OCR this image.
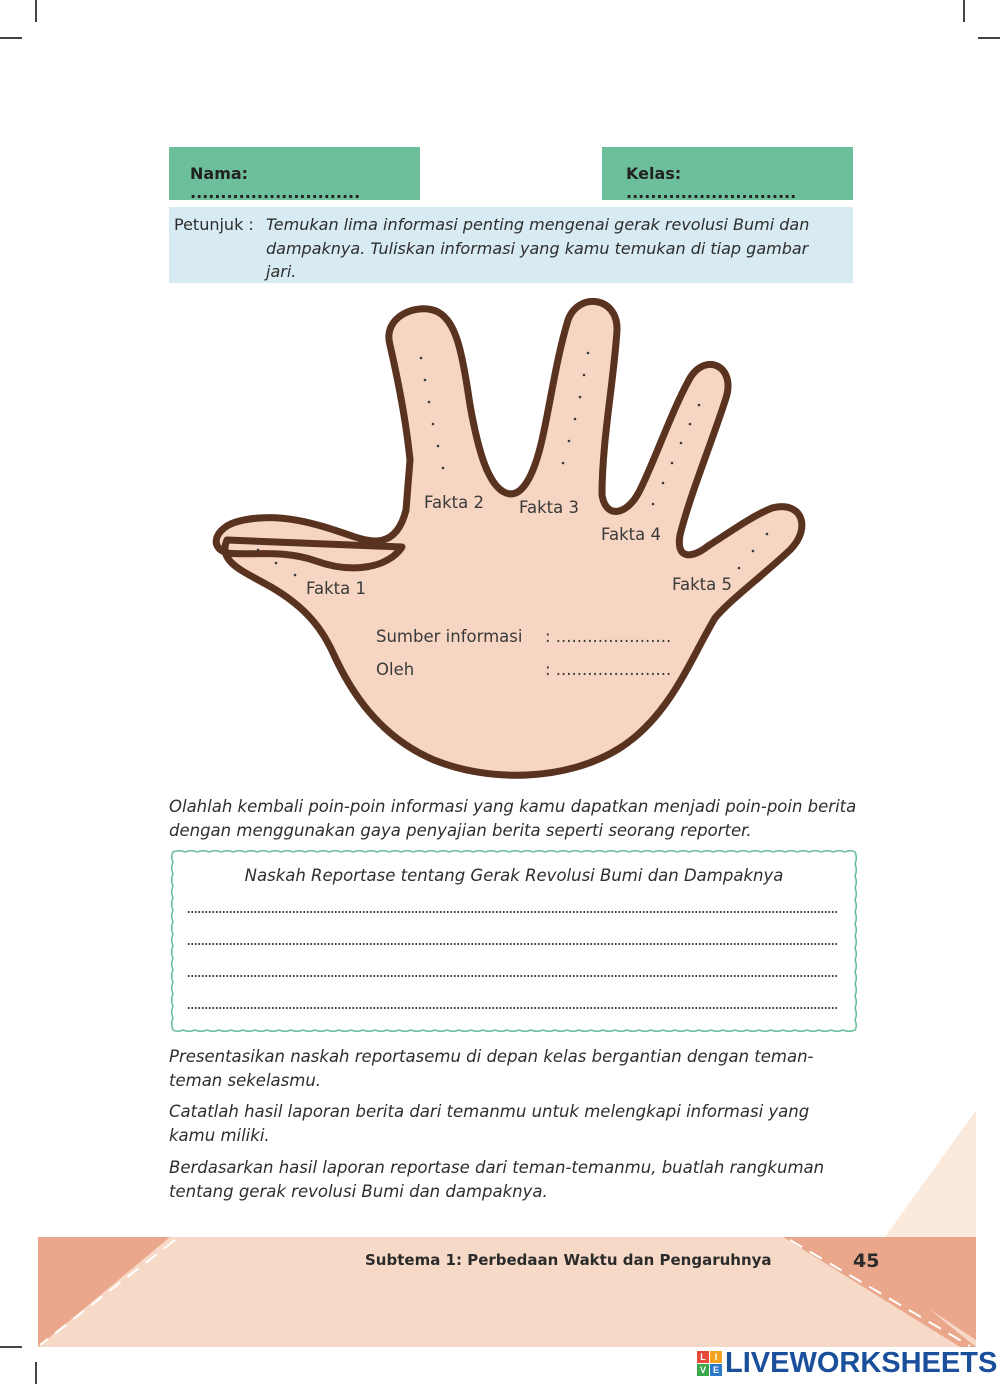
Nama: ............................
Kelas: ............................
Petunjuk : Temukan lima informasi penting mengenai gerak revolusi Bumi dan dampaknya. Tuliskan informasi yang kamu temukan di tiap gambar jari.
Fakta 1
Fakta 2 Fakta 3
Fakta 4
Fakta 5
Sumber informasi : ......................
Oleh	: ......................
Olahlah kembali poin-poin informasi yang kamu dapatkan menjadi poin-poin berita dengan menggunakan gaya penyajian berita seperti seorang reporter.
Naskah Reportase tentang Gerak Revolusi Bumi dan Dampaknya
Presentasikan naskah reportasemu di depan kelas bergantian dengan teman-teman sekelasmu.
Catatlah hasil laporan berita dari temanmu untuk melengkapi informasi yang kamu miliki.
Berdasarkan hasil laporan reportase dari teman-temanmu, buatlah rangkuman tentang gerak revolusi Bumi dan dampaknya.
Subtema 1: Perbedaan Waktu dan Pengaruhnya	45
L I
V E LIVEWORKSHEETS
